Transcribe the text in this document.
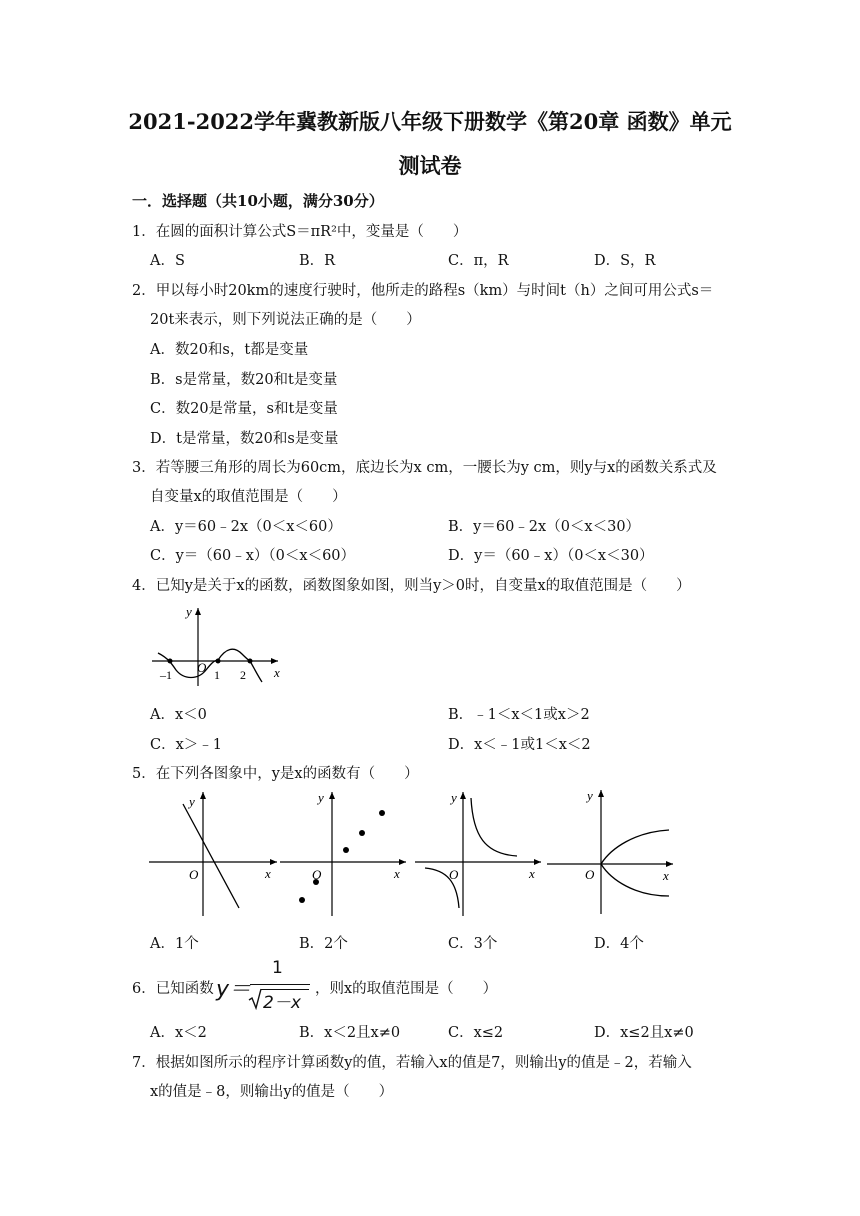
2021-2022学年冀教新版八年级下册数学《第20章 函数》单元
测试卷
一．选择题（共10小题，满分30分）
1．在圆的面积计算公式S＝πR²中，变量是（　　）
A．S	B．R	C．π，R	D．S，R
2．甲以每小时20km的速度行驶时，他所走的路程s（km）与时间t（h）之间可用公式s＝
20t来表示，则下列说法正确的是（　　）
A．数20和s，t都是变量
B．s是常量，数20和t是变量
C．数20是常量，s和t是变量
D．t是常量，数20和s是变量
3．若等腰三角形的周长为60cm，底边长为x cm，一腰长为y cm，则y与x的函数关系式及
自变量x的取值范围是（　　）
A．y＝60﹣2x（0＜x＜60）	B．y＝60﹣2x（0＜x＜30）
C．y＝（60﹣x）（0＜x＜60）	D．y＝（60﹣x）（0＜x＜30）
4．已知y是关于x的函数，函数图象如图，则当y＞0时，自变量x的取值范围是（　　）
y
x
O
–1	1 2
A．x＜0	B．﹣1＜x＜1或x＞2
C．x＞﹣1	D．x＜﹣1或1＜x＜2
5．在下列各图象中，y是x的函数有（　　）
y
x
O
y
x
O
y
x
O
y
x
O
A．1个	B．2个	C．3个	D．4个
6．已知函数 y＝
1
2－x
，则x的取值范围是（　　）
A．x＜2	B．x＜2且x≠0	C．x≤2	D．x≤2且x≠0
7．根据如图所示的程序计算函数y的值，若输入x的值是7，则输出y的值是﹣2，若输入
x的值是﹣8，则输出y的值是（　　）
